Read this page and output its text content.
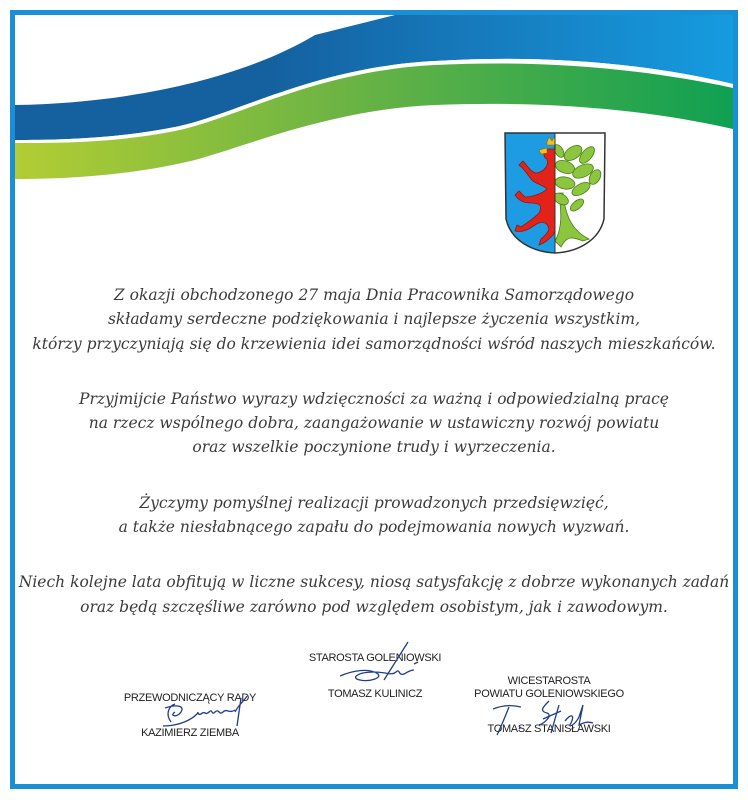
Z okazji obchodzonego 27 maja Dnia Pracownika Samorządowego
składamy serdeczne podziękowania i najlepsze życzenia wszystkim,
którzy przyczyniają się do krzewienia idei samorządności wśród naszych mieszkańców.

Przyjmijcie Państwo wyrazy wdzięczności za ważną i odpowiedzialną pracę
na rzecz wspólnego dobra, zaangażowanie w ustawiczny rozwój powiatu
oraz wszelkie poczynione trudy i wyrzeczenia.

Życzymy pomyślnej realizacji prowadzonych przedsięwzięć,
a także niesłabnącego zapału do podejmowania nowych wyzwań.

Niech kolejne lata obfitują w liczne sukcesy, niosą satysfakcję z dobrze wykonanych zadań
oraz będą szczęśliwe zarówno pod względem osobistym, jak i zawodowym.

STAROSTA GOLENIOWSKI
TOMASZ KULINICZ
PRZEWODNICZĄCY RADY
KAZIMIERZ ZIEMBA
WICESTAROSTA
POWIATU GOLENIOWSKIEGO
TOMASZ STANISŁAWSKI
